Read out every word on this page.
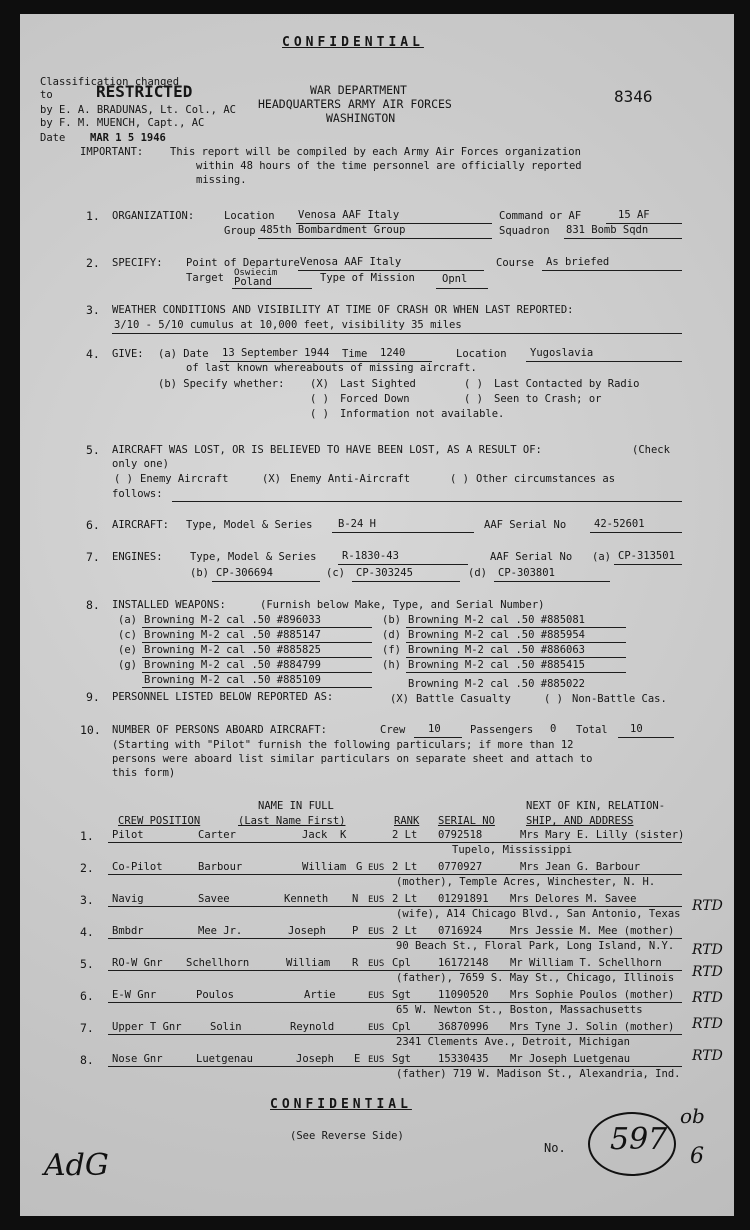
CONFIDENTIAL
Classification changed
to	RESTRICTED
by E. A. BRADUNAS, Lt. Col., AC
by F. M. MUENCH, Capt., AC
Date MAR 1 5 1946
WAR DEPARTMENT
HEADQUARTERS ARMY AIR FORCES
WASHINGTON
8346
IMPORTANT:	This report will be compiled by each Army Air Forces organization
within 48 hours of the time personnel are officially reported
missing.
1. ORGANIZATION:	Location Venosa AAF Italy	Command or AF	15 AF
Group 485th Bombardment Group	Squadron 831 Bomb Sqdn
2. SPECIFY: Point of Departure Venosa AAF Italy	Course As briefed
Target Oswiecim
Poland	Type of Mission	Opnl
3. WEATHER CONDITIONS AND VISIBILITY AT TIME OF CRASH OR WHEN LAST REPORTED:
3/10 - 5/10 cumulus at 10,000 feet, visibility 35 miles
4. GIVE: (a) Date 13 September 1944 Time 1240	Location Yugoslavia
of last known whereabouts of missing aircraft.
(b) Specify whether: (X) Last Sighted	( ) Last Contacted by Radio
( ) Forced Down	( ) Seen to Crash; or
( ) Information not available.
5. AIRCRAFT WAS LOST, OR IS BELIEVED TO HAVE BEEN LOST, AS A RESULT OF:	(Check
only one)
( ) Enemy Aircraft	(X) Enemy Anti-Aircraft	( ) Other circumstances as
follows:
6. AIRCRAFT: Type, Model & Series B-24 H	AAF Serial No	42-52601
7. ENGINES:	Type, Model & Series R-1830-43	AAF Serial No (a) CP-313501
(b) CP-306694	(c) CP-303245	(d) CP-303801
8. INSTALLED WEAPONS:	(Furnish below Make, Type, and Serial Number)
(a) Browning M-2 cal .50 #896033	(b) Browning M-2 cal .50 #885081
(c) Browning M-2 cal .50 #885147	(d) Browning M-2 cal .50 #885954
(e) Browning M-2 cal .50 #885825	(f) Browning M-2 cal .50 #886063
(g) Browning M-2 cal .50 #884799	(h) Browning M-2 cal .50 #885415
Browning M-2 cal .50 #885109	Browning M-2 cal .50 #885022
9. PERSONNEL LISTED BELOW REPORTED AS:	(X) Battle Casualty	( ) Non-Battle Cas.
10. NUMBER OF PERSONS ABOARD AIRCRAFT:	Crew 10	Passengers 0 Total 10
(Starting with "Pilot" furnish the following particulars; if more than 12
persons were aboard list similar particulars on separate sheet and attach to
this form)
NAME IN FULL	NEXT OF KIN, RELATION-
CREW POSITION	(Last Name First)	RANK SERIAL NO	SHIP, AND ADDRESS
1. Pilot	Carter	Jack K	2 Lt 0792518	Mrs Mary E. Lilly (sister)
Tupelo, Mississippi
2. Co-Pilot	Barbour	William G EUS 2 Lt 0770927	Mrs Jean G. Barbour
(mother), Temple Acres, Winchester, N. H.
3. Navig	Savee	Kenneth N EUS 2 Lt 01291891 Mrs Delores M. Savee
(wife), A14 Chicago Blvd., San Antonio, Texas RTD
4. Bmbdr	Mee Jr.	Joseph P EUS 2 Lt 0716924	Mrs Jessie M. Mee (mother)
90 Beach St., Floral Park, Long Island, N.Y. RTD
5. RO-W Gnr Schellhorn	William R EUS Cpl	16172148 Mr William T. Schellhorn
(father), 7659 S. May St., Chicago, Illinois RTD
6. E-W Gnr	Poulos	Artie	EUS Sgt	11090520 Mrs Sophie Poulos (mother)
65 W. Newton St., Boston, Massachusetts
RTD
7. Upper T Gnr	Solin	Reynold	EUS Cpl	36870996 Mrs Tyne J. Solin (mother)
2341 Clements Ave., Detroit, Michigan
RTD
8. Nose Gnr	Luetgenau	Joseph E EUS Sgt	15330435 Mr Joseph Luetgenau
(father) 719 W. Madison St., Alexandria, Ind.
RTD
CONFIDENTIAL
(See Reverse Side)
No. 597
ob
6
AdG
